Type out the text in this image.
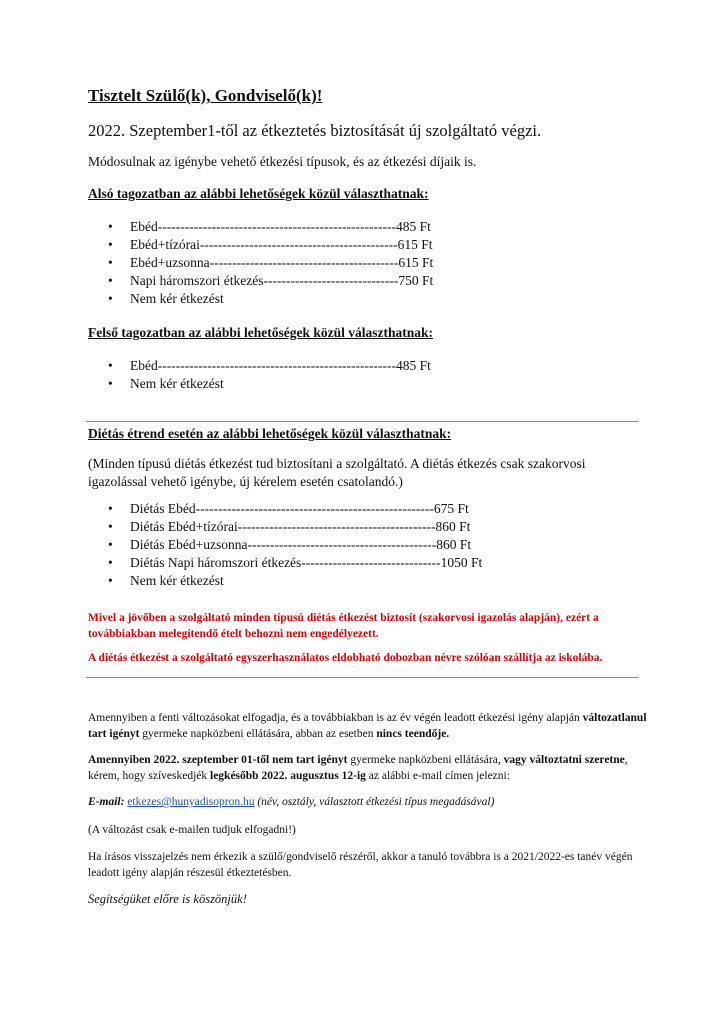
Tisztelt Szülő(k), Gondviselő(k)!
2022. Szeptember1-től az étkeztetés biztosítását új szolgáltató végzi.
Módosulnak az igénybe vehető étkezési típusok, és az étkezési díjaik is.
Alsó tagozatban az alábbi lehetőségek közül választhatnak:
• Ebéd-----------------------------------------------------485 Ft
• Ebéd+tízórai--------------------------------------------615 Ft
• Ebéd+uzsonna------------------------------------------615 Ft
• Napi háromszori étkezés------------------------------750 Ft
• Nem kér étkezést
Felső tagozatban az alábbi lehetőségek közül választhatnak:
• Ebéd-----------------------------------------------------485 Ft
• Nem kér étkezést
Diétás étrend esetén az alábbi lehetőségek közül választhatnak:
(Minden típusú diétás étkezést tud biztosítani a szolgáltató. A diétás étkezés csak szakorvosi igazolással vehető igénybe, új kérelem esetén csatolandó.)
• Diétás Ebéd-----------------------------------------------------675 Ft
• Diétás Ebéd+tízórai--------------------------------------------860 Ft
• Diétás Ebéd+uzsonna------------------------------------------860 Ft
• Diétás Napi háromszori étkezés-------------------------------1050 Ft
• Nem kér étkezést
Mivel a jövőben a szolgáltató minden típusú diétás étkezést biztosít (szakorvosi igazolás alapján), ezért a továbbiakban melegítendő ételt behozni nem engedélyezett.
A diétás étkezést a szolgáltató egyszerhasználatos eldobható dobozban névre szólóan szállítja az iskolába.
Amennyiben a fenti változásokat elfogadja, és a továbbiakban is az év végén leadott étkezési igény alapján változatlanul tart igényt gyermeke napközbeni ellátására, abban az esetben nincs teendője.
Amennyiben 2022. szeptember 01-től nem tart igényt gyermeke napközbeni ellátására, vagy változtatni szeretne, kérem, hogy szíveskedjék legkésőbb 2022. augusztus 12-ig az alábbi e-mail címen jelezni:
E-mail: etkezes@hunyadisopron.hu (név, osztály, választott étkezési típus megadásával)
(A változást csak e-mailen tudjuk elfogadni!)
Ha írásos visszajelzés nem érkezik a szülő/gondviselő részéről, akkor a tanuló továbbra is a 2021/2022-es tanév végén leadott igény alapján részesül étkeztetésben.
Segítségüket előre is köszönjük!
